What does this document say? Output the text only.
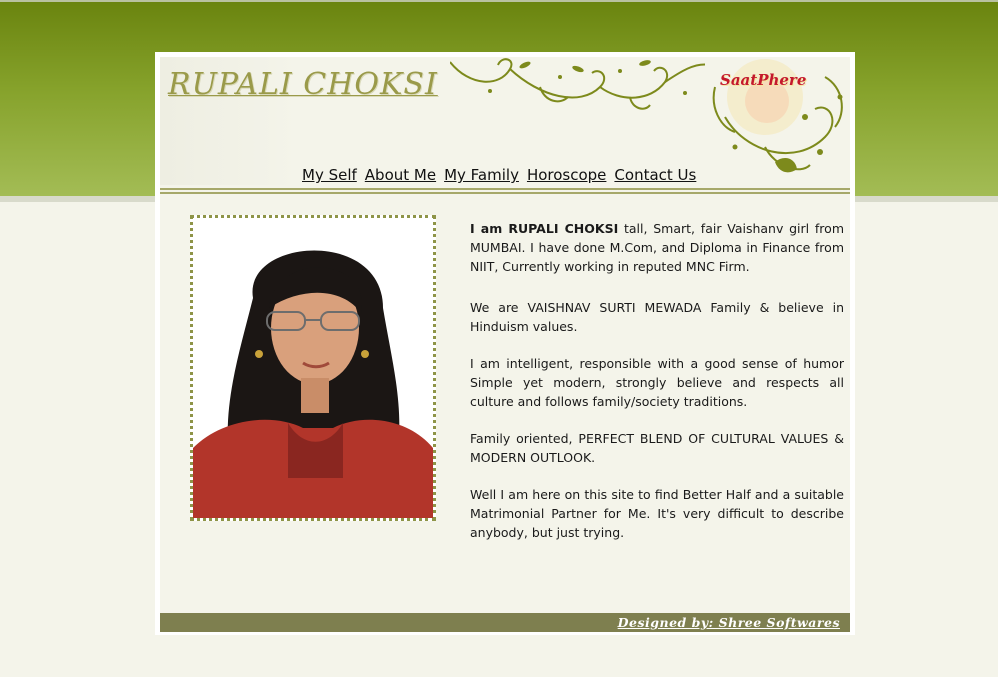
RUPALI CHOKSI	SaatPhere
My Self About Me My Family Horoscope Contact Us

I am RUPALI CHOKSI tall, Smart, fair Vaishanv girl from MUMBAI. I have done M.Com, and Diploma in Finance from NIIT, Currently working in reputed MNC Firm.

We are VAISHNAV SURTI MEWADA Family & believe in Hinduism values.

I am intelligent, responsible with a good sense of humor Simple yet modern, strongly believe and respects all culture and follows family/society traditions.

Family oriented, PERFECT BLEND OF CULTURAL VALUES & MODERN OUTLOOK.

Well I am here on this site to find Better Half and a suitable Matrimonial Partner for Me. It's very difficult to describe anybody, but just trying.

Designed by: Shree Softwares
